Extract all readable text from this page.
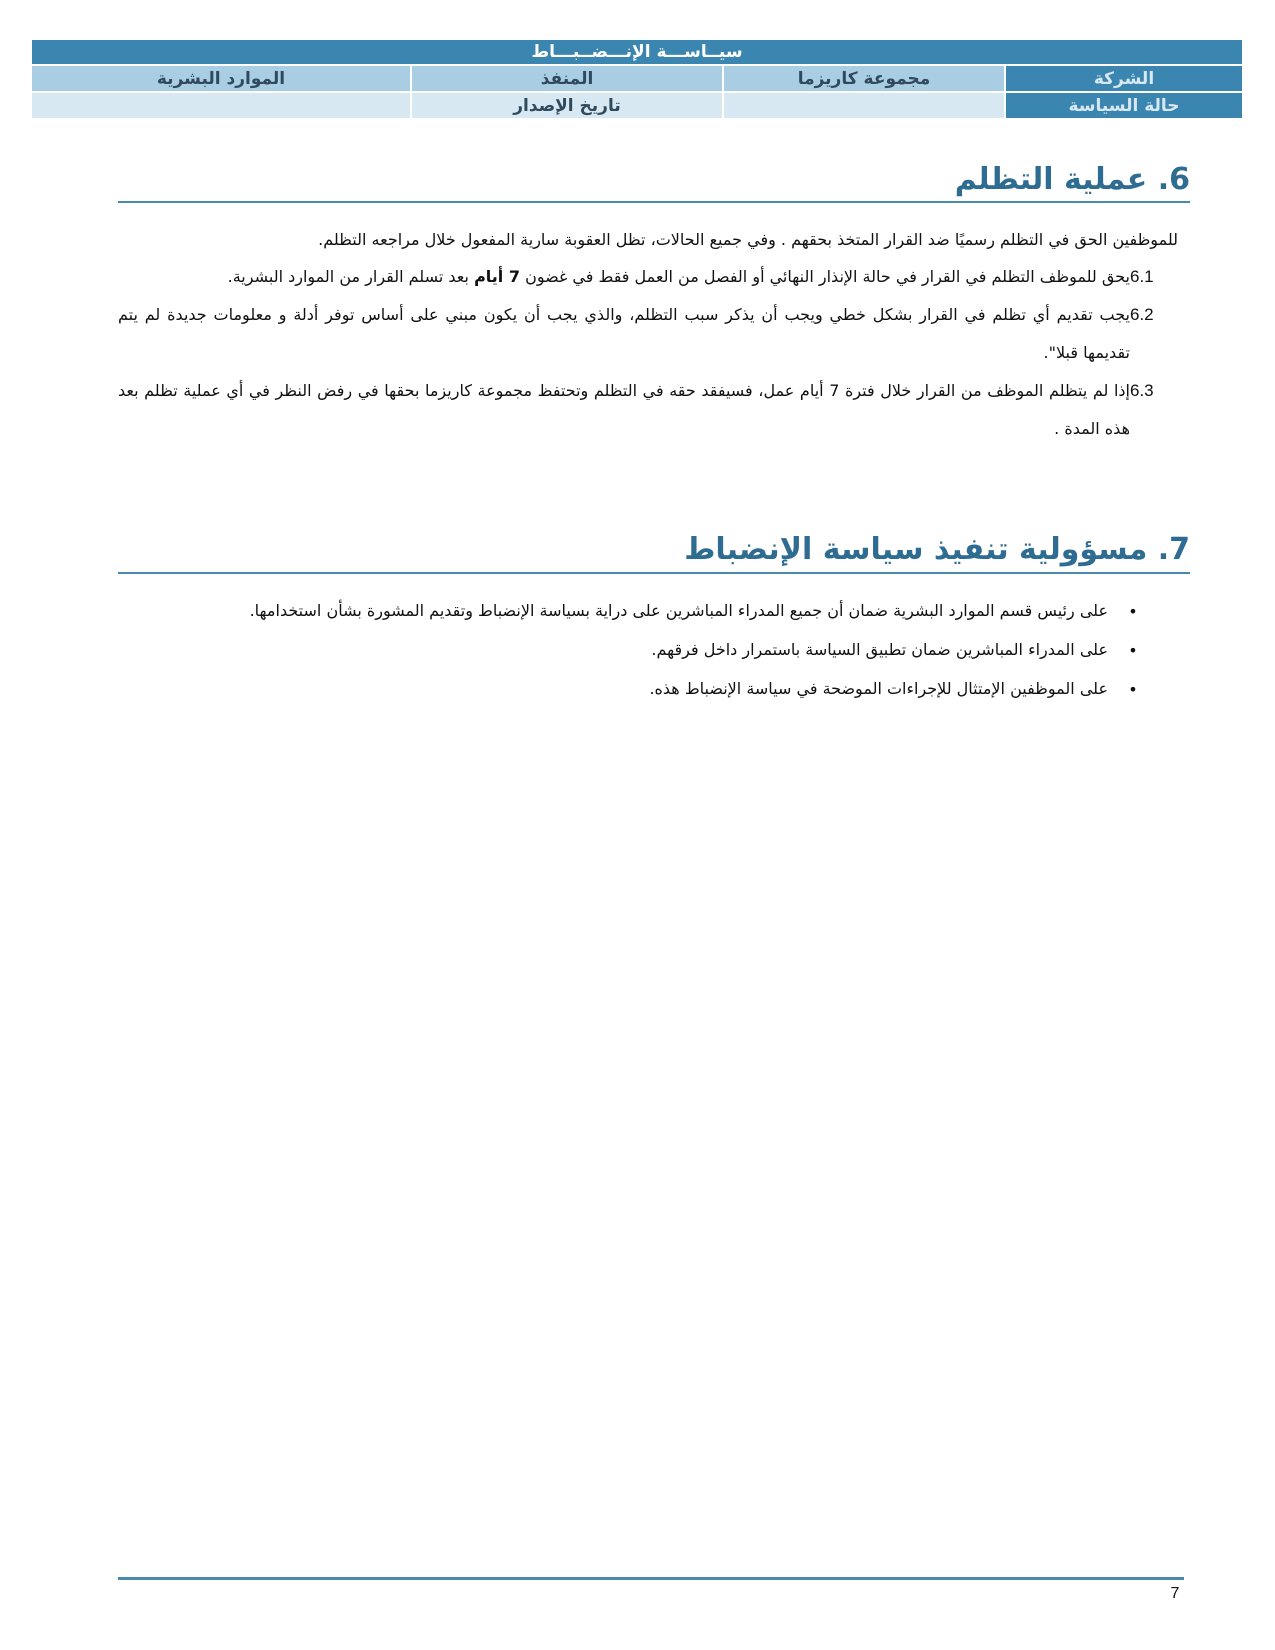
سيــاســـة الإنـــضــبـــاط			
الشركة	مجموعة كاريزما	المنفذ	الموارد البشرية
حالة السياسة		تاريخ الإصدار	
6. عملية التظلم

للموظفين الحق في التظلم رسميًا ضد القرار المتخذ بحقهم . وفي جميع الحالات، تظل العقوبة سارية المفعول خلال مراجعه التظلم.

6.1
يحق للموظف التظلم في القرار في حالة الإنذار النهائي أو الفصل من العمل فقط في غضون 7 أيام بعد تسلم القرار من الموارد البشرية.
6.2
يجب تقديم أي تظلم في القرار بشكل خطي ويجب أن يذكر سبب التظلم، والذي يجب أن يكون مبني على أساس توفر أدلة و معلومات جديدة لم يتم تقديمها قبلا".
6.3
إذا لم يتظلم الموظف من القرار خلال فترة 7 أيام عمل، فسيفقد حقه في التظلم وتحتفظ مجموعة كاريزما بحقها في رفض النظر في أي عملية تظلم بعد هذه المدة .
7. مسؤولية تنفيذ سياسة الإنضباط
•
على رئيس قسم الموارد البشرية ضمان أن جميع المدراء المباشرين على دراية بسياسة الإنضباط وتقديم المشورة بشأن استخدامها.
•
على المدراء المباشرين ضمان تطبيق السياسة باستمرار داخل فرقهم.
•
على الموظفين الإمتثال للإجراءات الموضحة في سياسة الإنضباط هذه.
7
